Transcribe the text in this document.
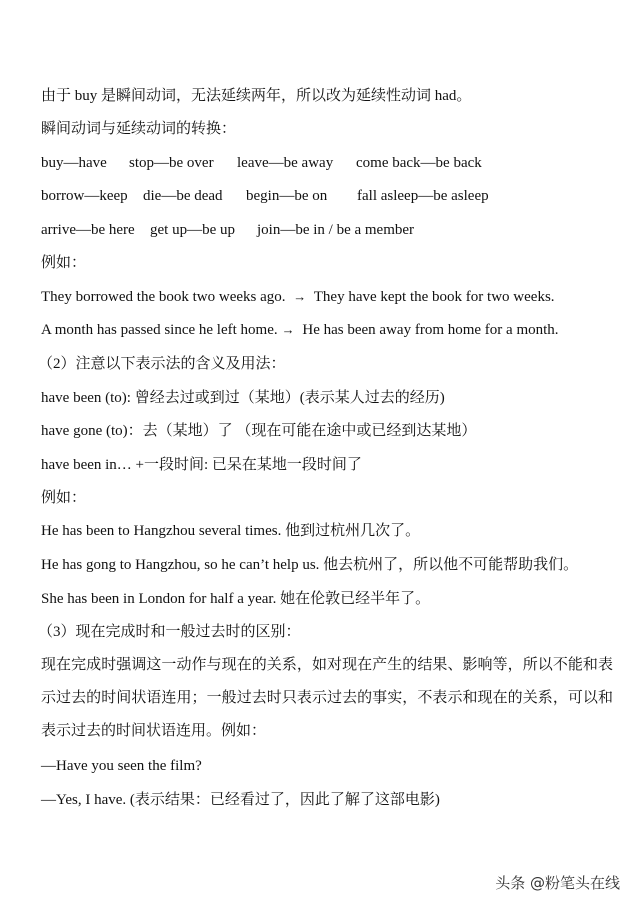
由于 buy 是瞬间动词，无法延续两年，所以改为延续性动词 had。
瞬间动词与延续动词的转换：
buy—have stop—be over leave—be away come back—be back
borrow—keep die—be dead begin—be on fall asleep—be asleep
arrive—be here get up—be up join—be in / be a member
例如：
They borrowed the book two weeks ago. → They have kept the book for two weeks.
A month has passed since he left home. → He has been away from home for a month.
（2）注意以下表示法的含义及用法：
have been (to): 曾经去过或到过（某地）(表示某人过去的经历)
have gone (to)：去（某地）了 （现在可能在途中或已经到达某地）
have been in… +一段时间: 已呆在某地一段时间了
例如：
He has been to Hangzhou several times. 他到过杭州几次了。
He has gong to Hangzhou, so he can’t help us. 他去杭州了，所以他不可能帮助我们。
She has been in London for half a year. 她在伦敦已经半年了。
（3）现在完成时和一般过去时的区别：
现在完成时强调这一动作与现在的关系，如对现在产生的结果、影响等，所以不能和表示过去的时间状语连用；一般过去时只表示过去的事实，不表示和现在的关系，可以和表示过去的时间状语连用。例如：
—Have you seen the film?
—Yes, I have. (表示结果：已经看过了，因此了解了这部电影)
头条 @粉笔头在线
